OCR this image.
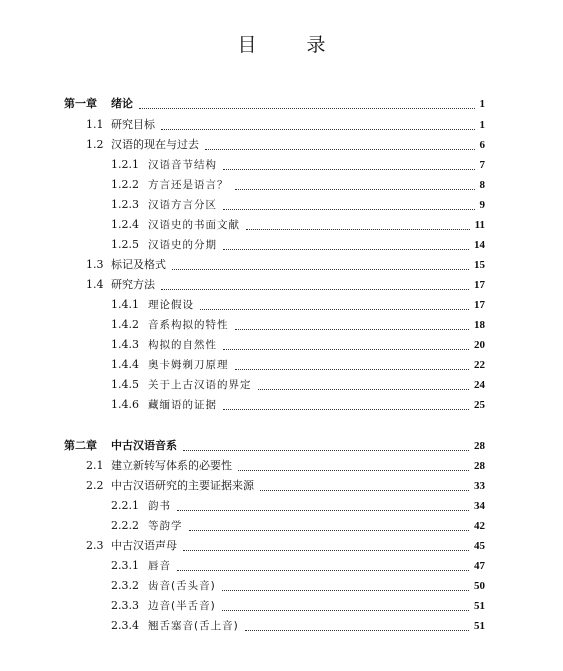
目 录
第一章 绪论	1
1.1 研究目标	1
1.2 汉语的现在与过去	6
1.2.1 汉语音节结构	7
1.2.2 方言还是语言？	8
1.2.3 汉语方言分区	9
1.2.4 汉语史的书面文献	11
1.2.5 汉语史的分期	14
1.3 标记及格式	15
1.4 研究方法	17
1.4.1 理论假设	17
1.4.2 音系构拟的特性	18
1.4.3 构拟的自然性	20
1.4.4 奥卡姆剃刀原理	22
1.4.5 关于上古汉语的界定	24
1.4.6 藏缅语的证据	25
第二章 中古汉语音系	28
2.1 建立新转写体系的必要性	28
2.2 中古汉语研究的主要证据来源	33
2.2.1 韵书	34
2.2.2 等韵学	42
2.3 中古汉语声母	45
2.3.1 唇音	47
2.3.2 齿音(舌头音)	50
2.3.3 边音(半舌音)	51
2.3.4 翘舌塞音(舌上音)	51
